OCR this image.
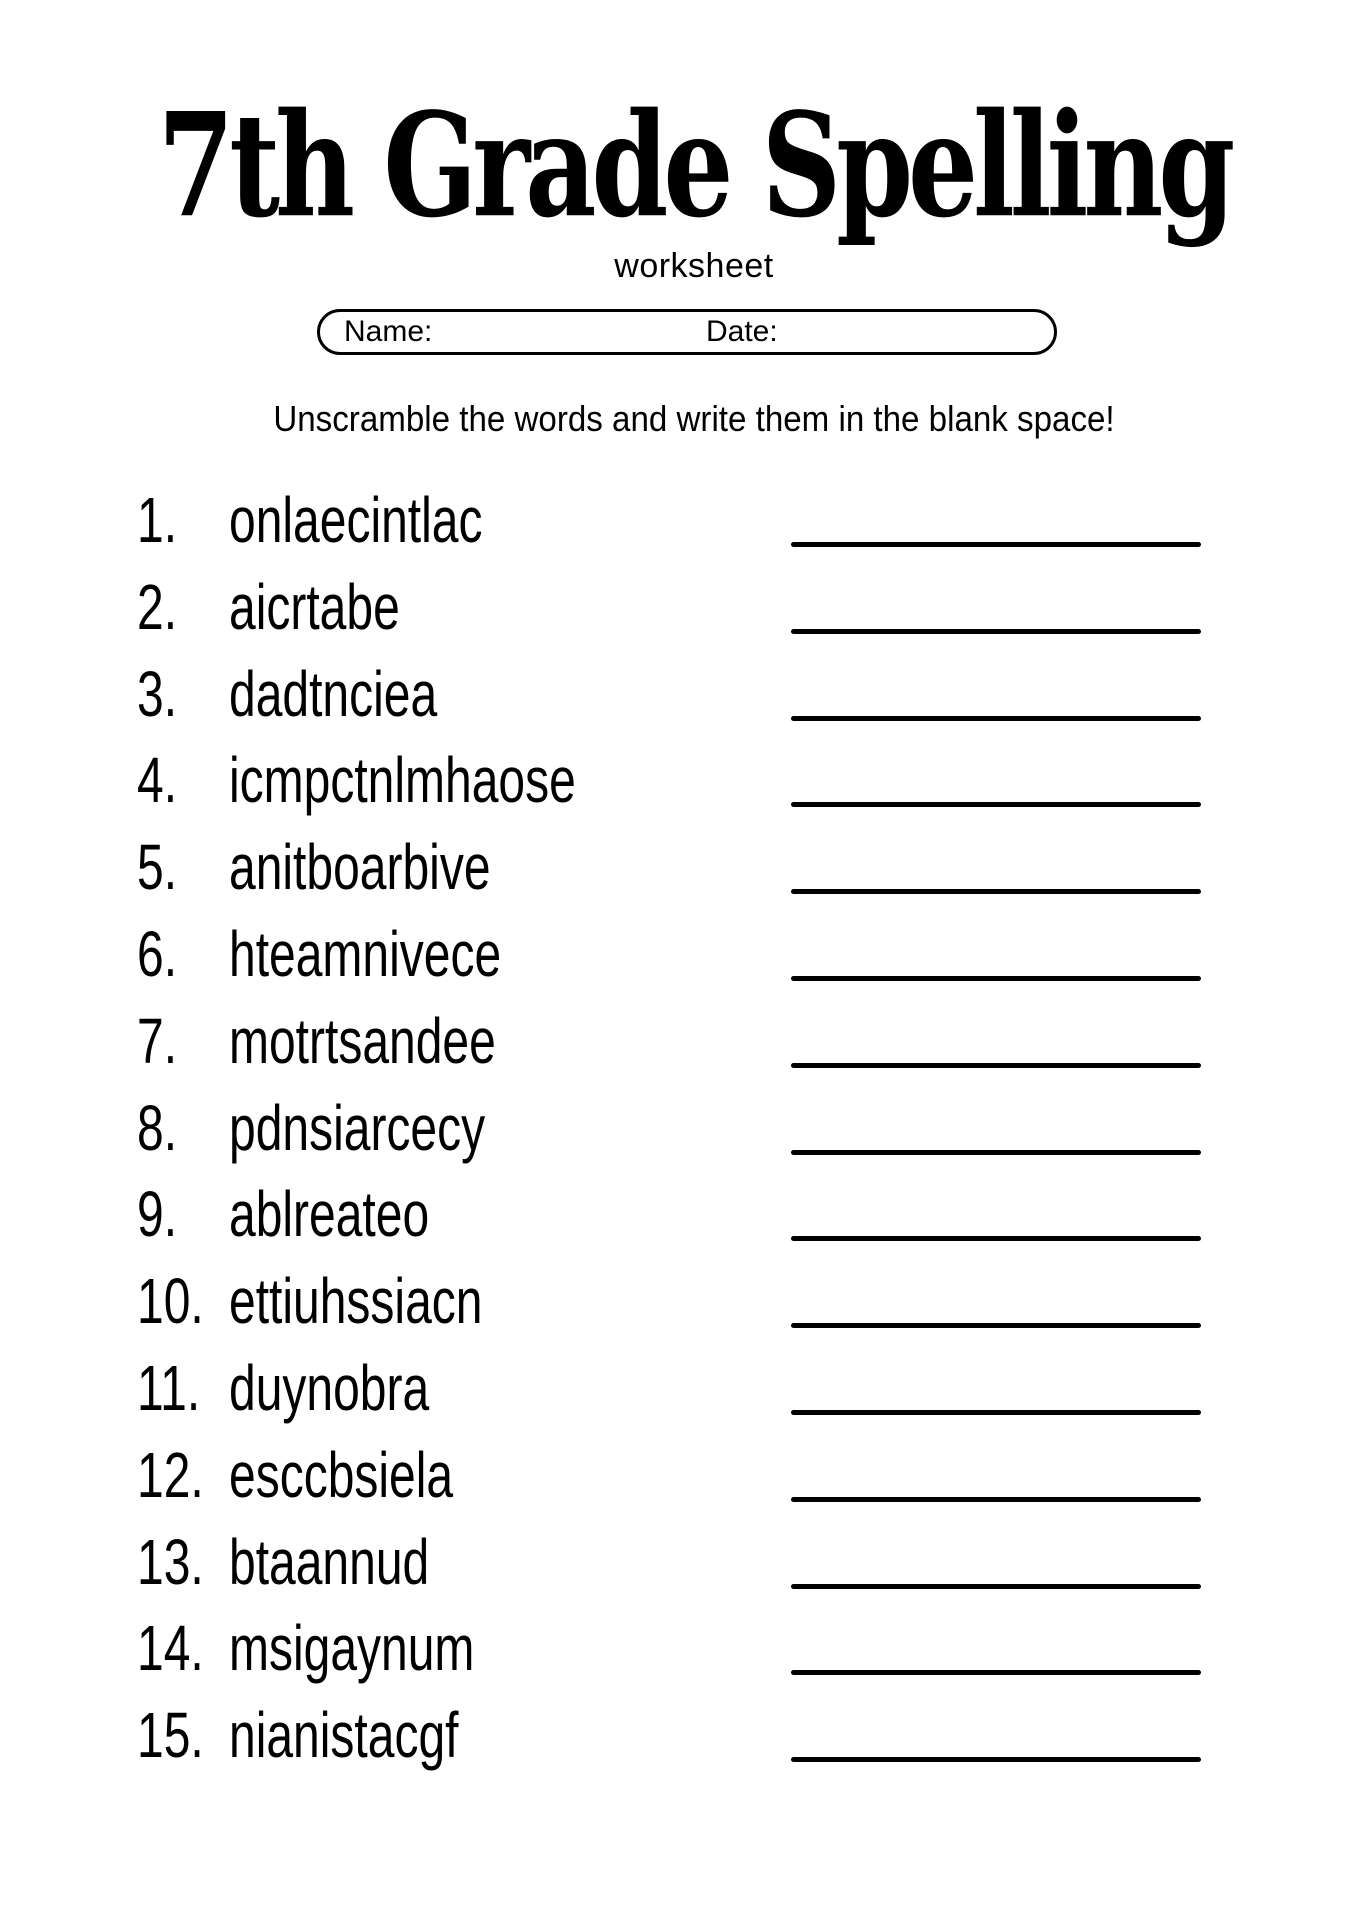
7th Grade Spelling
worksheet
Name:	Date:
Unscramble the words and write them in the blank space!
1. onlaecintlac
2. aicrtabe
3. dadtnciea
4. icmpctnlmhaose
5. anitboarbive
6. hteamnivece
7. motrtsandee
8. pdnsiarcecy
9. ablreateo
10. ettiuhssiacn
11. duynobra
12. esccbsiela
13. btaannud
14. msigaynum
15. nianistacgf
